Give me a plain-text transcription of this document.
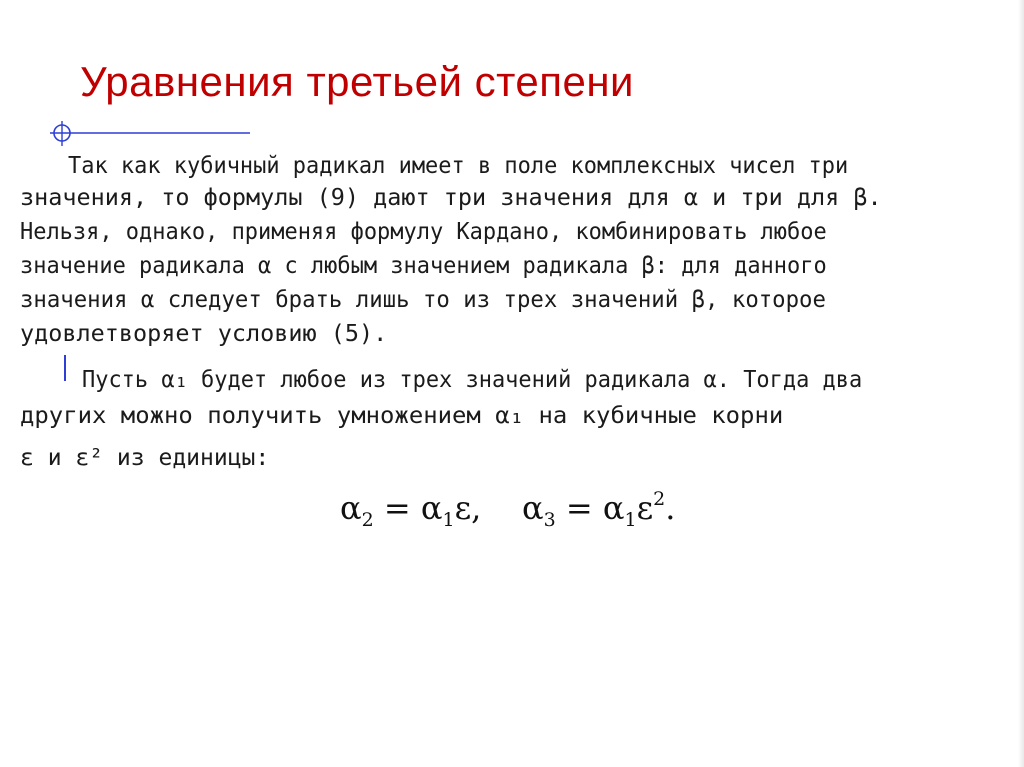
Уравнения третьей степени
Так как кубичный радикал имеет в поле комплексных чисел три
значения, то формулы (9) дают три значения для α и три для β.
Нельзя, однако, применяя формулу Кардано, комбинировать любое
значение радикала α с любым значением радикала β: для данного
значения α следует брать лишь то из трех значений β, которое
удовлетворяет условию (5).
Пусть α₁ будет любое из трех значений радикала α. Тогда два
других можно получить умножением α₁ на кубичные корни
ε и ε² из единицы:
$\alpha_2 = \alpha_1\varepsilon$, $\alpha_3 = \alpha_1\varepsilon^2$.
